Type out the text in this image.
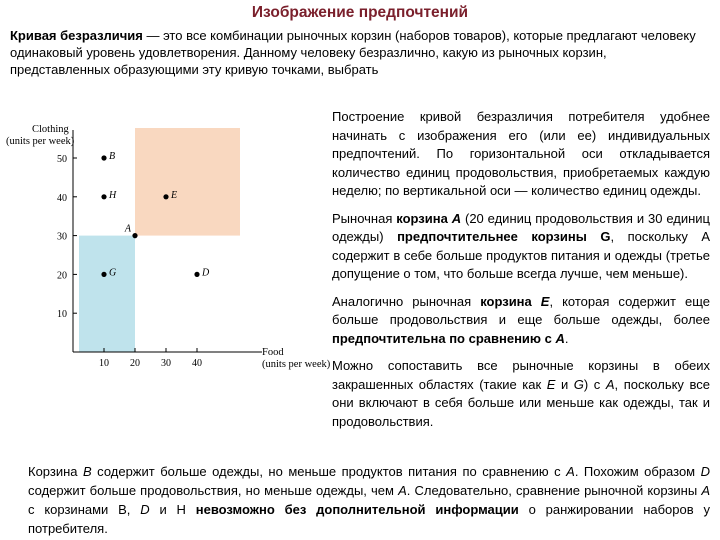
Изображение предпочтений
Кривая безразличия — это все комбинации рыночных корзин (наборов товаров), которые предлагают человеку одинаковый уровень удовлетворения. Данному человеку безразлично, какую из рыночных корзин, представленных образующими эту кривую точками, выбрать
10
20
30
40
50
10 20 30 40
A
B
D
E
G
H
Clothing
(units per week)
Food
(units per week)

Построение кривой безразличия потребителя удобнее начинать с изображения его (или ее) индивидуальных предпочтений. По горизонтальной оси откладывается количество единиц продовольствия, приобретаемых каждую неделю; по вертикальной оси — количество единиц одежды.

Рыночная корзина А (20 единиц продовольствия и 30 единиц одежды) предпочтительнее корзины G, поскольку А содержит в себе больше продуктов питания и одежды (третье допущение о том, что больше всегда лучше, чем меньше).

Аналогично рыночная корзина Е, которая содержит еще больше продовольствия и еще больше одежды, более предпочтительна по сравнению с А.

Можно сопоставить все рыночные корзины в обеих закрашенных областях (такие как Е и G) с А, поскольку все они включают в себя больше или меньше как одежды, так и продовольствия.

Корзина В содержит больше одежды, но меньше продуктов питания по сравнению с А. Похожим образом D содержит больше продовольствия, но меньше одежды, чем А. Следовательно, сравнение рыночной корзины А с корзинами В, D и Н невозможно без дополнительной информации о ранжировании наборов у потребителя.
